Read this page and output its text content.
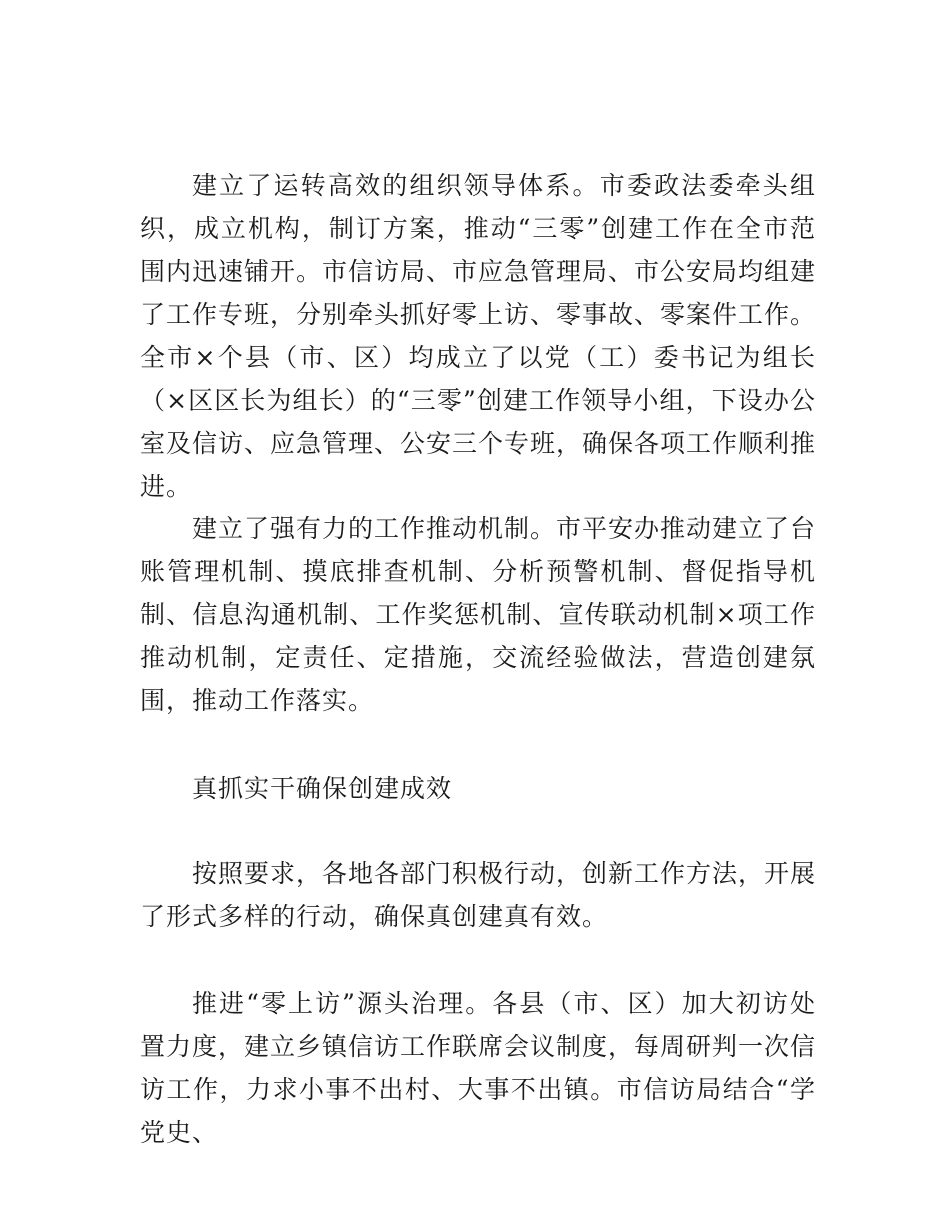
建立了运转高效的组织领导体系。市委政法委牵头组织，成立机构，制订方案，推动“三零”创建工作在全市范围内迅速铺开。市信访局、市应急管理局、市公安局均组建了工作专班，分别牵头抓好零上访、零事故、零案件工作。全市×个县（市、区）均成立了以党（工）委书记为组长（×区区长为组长）的“三零”创建工作领导小组，下设办公室及信访、应急管理、公安三个专班，确保各项工作顺利推进。

建立了强有力的工作推动机制。市平安办推动建立了台账管理机制、摸底排查机制、分析预警机制、督促指导机制、信息沟通机制、工作奖惩机制、宣传联动机制×项工作推动机制，定责任、定措施，交流经验做法，营造创建氛围，推动工作落实。

真抓实干确保创建成效

按照要求，各地各部门积极行动，创新工作方法，开展了形式多样的行动，确保真创建真有效。

推进“零上访”源头治理。各县（市、区）加大初访处置力度，建立乡镇信访工作联席会议制度，每周研判一次信访工作，力求小事不出村、大事不出镇。市信访局结合“学党史、
